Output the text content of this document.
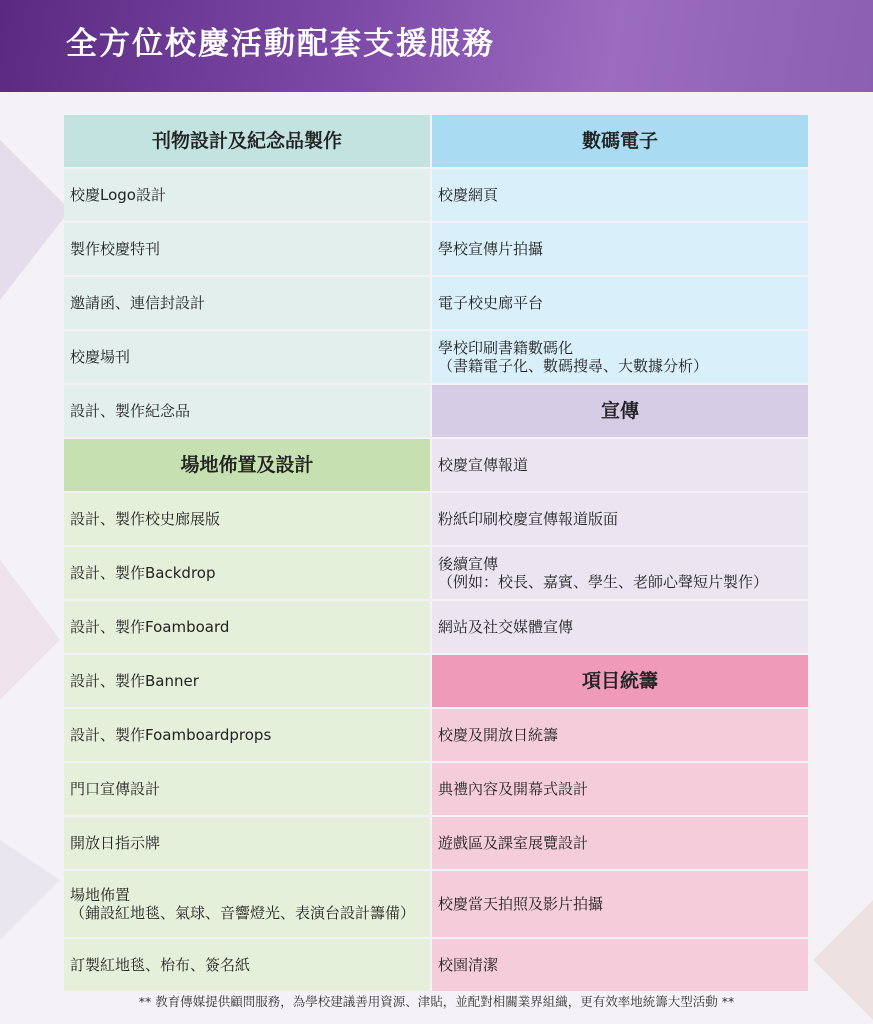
全方位校慶活動配套支援服務
刊物設計及紀念品製作
校慶Logo設計
製作校慶特刊
邀請函、連信封設計
校慶場刊
設計、製作紀念品
場地佈置及設計
設計、製作校史廊展版
設計、製作Backdrop
設計、製作Foamboard
設計、製作Banner
設計、製作Foamboardprops
門口宣傳設計
開放日指示牌
場地佈置
（鋪設紅地毯、氣球、音響燈光、表演台設計籌備）
訂製紅地毯、枱布、簽名紙
數碼電子
校慶網頁
學校宣傳片拍攝
電子校史廊平台
學校印刷書籍數碼化
（書籍電子化、數碼搜尋、大數據分析）
宣傳
校慶宣傳報道
粉紙印刷校慶宣傳報道版面
後續宣傳
（例如：校長、嘉賓、學生、老師心聲短片製作）
網站及社交媒體宣傳
項目統籌
校慶及開放日統籌
典禮內容及開幕式設計
遊戲區及課室展覽設計
校慶當天拍照及影片拍攝
校園清潔
** 教育傳媒提供顧問服務，為學校建議善用資源、津貼，並配對相關業界組織，更有效率地統籌大型活動 **
